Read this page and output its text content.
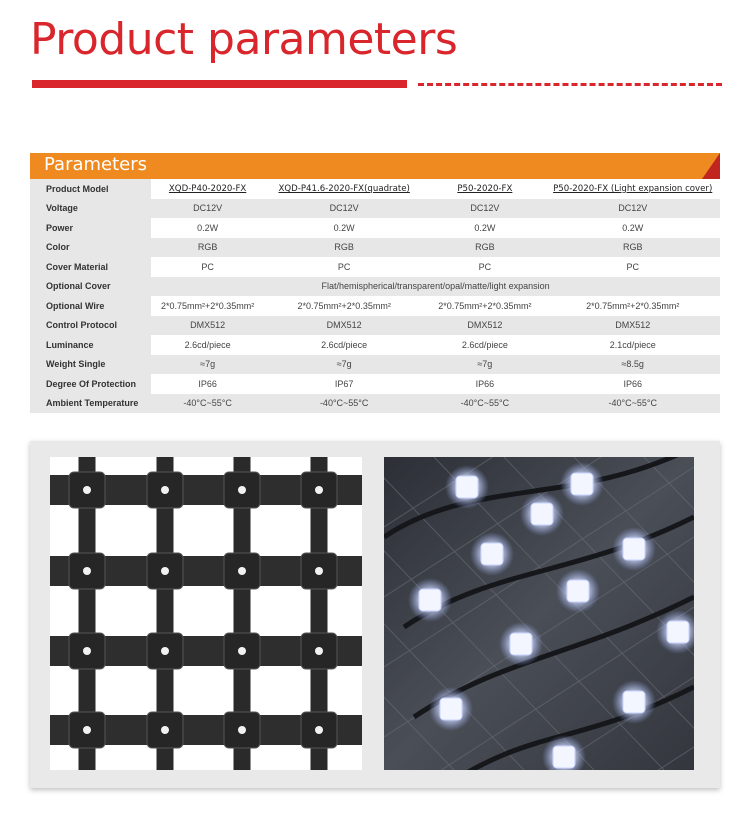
Product parameters
Parameters
Product Model	XQD-P40-2020-FX	XQD-P41.6-2020-FX(quadrate)	P50-2020-FX	P50-2020-FX (Light expansion cover)
Voltage	DC12V	DC12V	DC12V	DC12V
Power	0.2W	0.2W	0.2W	0.2W
Color	RGB	RGB	RGB	RGB
Cover Material	PC	PC	PC	PC
Optional Cover	Flat/hemispherical/transparent/opal/matte/light expansion			
Optional Wire	2*0.75mm²+2*0.35mm²	2*0.75mm²+2*0.35mm²	2*0.75mm²+2*0.35mm²	2*0.75mm²+2*0.35mm²
Control Protocol	DMX512	DMX512	DMX512	DMX512
Luminance	2.6cd/piece	2.6cd/piece	2.6cd/piece	2.1cd/piece
Weight Single	≈7g	≈7g	≈7g	≈8.5g
Degree Of Protection	IP66	IP67	IP66	IP66
Ambient Temperature	-40°C~55°C	-40°C~55°C	-40°C~55°C	-40°C~55°C
